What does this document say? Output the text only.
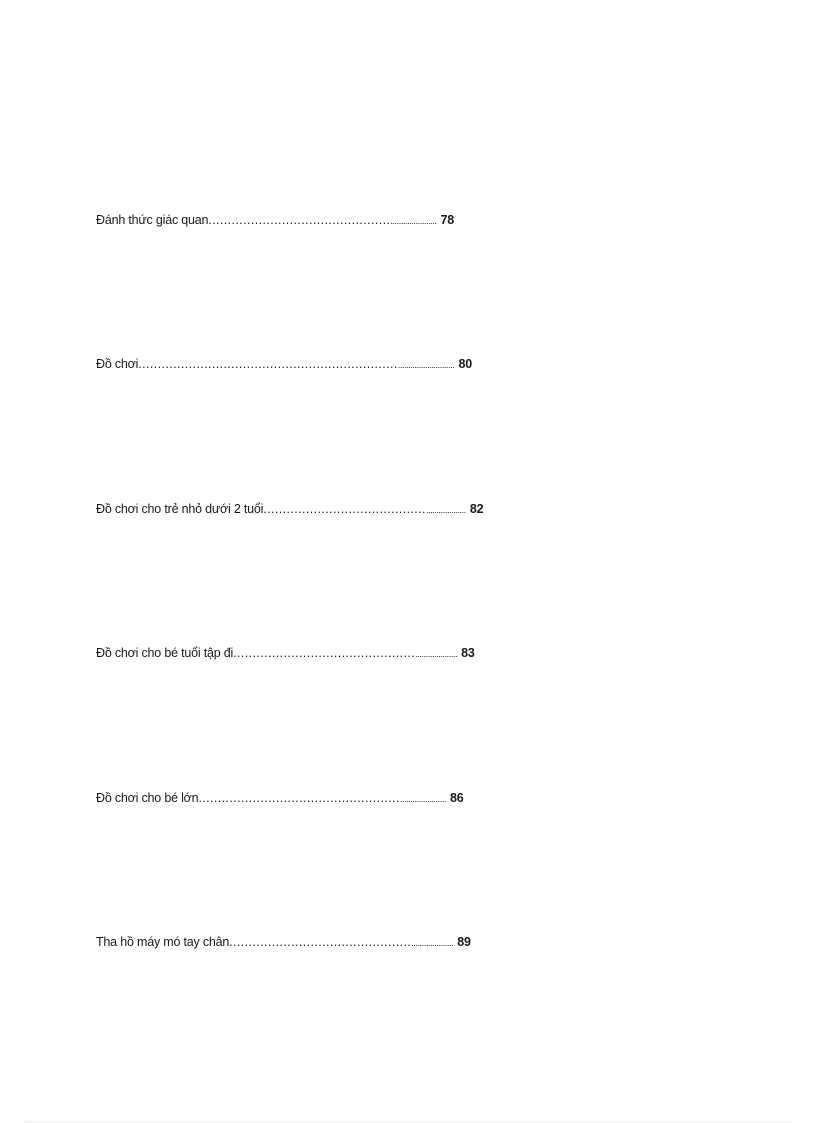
Đánh thức giác quan..................................................................... 78
Đồ chơi.............................................................................................. 80
Đồ chơi cho trẻ nhỏ dưới 2 tuổi............................................................. 82
Đồ chơi cho bé tuổi tập đi................................................................... 83
Đồ chơi cho bé lớn.......................................................................... 86
Tha hồ máy mó tay chân................................................................... 89
